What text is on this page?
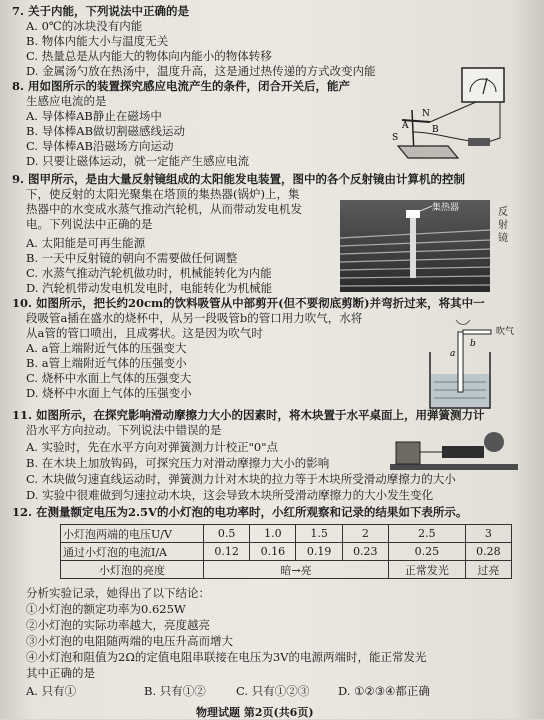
7. 关于内能，下列说法中正确的是
A. 0℃的冰块没有内能
B. 物体内能大小与温度无关
C. 热量总是从内能大的物体向内能小的物体转移
D. 金属汤勺放在热汤中，温度升高，这是通过热传递的方式改变内能
8. 用如图所示的装置探究感应电流产生的条件，闭合开关后，能产
生感应电流的是
A. 导体棒AB静止在磁场中
B. 导体棒AB做切割磁感线运动
C. 导体棒AB沿磁场方向运动
D. 只要让磁体运动，就一定能产生感应电流
N
S
A	B
9. 图甲所示，是由大量反射镜组成的太阳能发电装置，图中的各个反射镜由计算机的控制
下，使反射的太阳光聚集在塔顶的集热器(锅炉)上，集
热器中的水变成水蒸气推动汽轮机，从而带动发电机发
电。下列说法中正确的是
A. 太阳能是可再生能源
B. 一天中反射镜的朝向不需要做任何调整
C. 水蒸气推动汽轮机做功时，机械能转化为内能
D. 汽轮机带动发电机发电时，电能转化为机械能
集热器	反
射
镜
10. 如图所示，把长约20cm的饮料吸管从中部剪开(但不要彻底剪断)并弯折过来，将其中一
段吸管a插在盛水的烧杯中，从另一段吸管b的管口用力吹气，水将
从a管的管口喷出，且成雾状。这是因为吹气时
A. a管上端附近气体的压强变大
B. a管上端附近气体的压强变小
C. 烧杯中水面上气体的压强变大
D. 烧杯中水面上气体的压强变小
a
b
吹气
11. 如图所示，在探究影响滑动摩擦力大小的因素时，将木块置于水平桌面上，用弹簧测力计
沿水平方向拉动。下列说法中错误的是
A. 实验时，先在水平方向对弹簧测力计校正"0"点
B. 在木块上加放钩码，可探究压力对滑动摩擦力大小的影响
C. 木块做匀速直线运动时，弹簧测力计对木块的拉力等于木块所受滑动摩擦力的大小
D. 实验中很难做到匀速拉动木块，这会导致木块所受滑动摩擦力的大小发生变化
12. 在测量额定电压为2.5V的小灯泡的电功率时，小红所观察和记录的结果如下表所示。
小灯泡两端的电压U/V	0.5	1.0	1.5	2	2.5	3
通过小灯泡的电流I/A	0.12	0.16	0.19	0.23	0.25	0.28
小灯泡的亮度	暗→亮				正常发光	过亮
分析实验记录，她得出了以下结论：
①小灯泡的额定功率为0.625W
②小灯泡的实际功率越大，亮度越亮
③小灯泡的电阻随两端的电压升高而增大
④小灯泡和阻值为2Ω的定值电阻串联接在电压为3V的电源两端时，能正常发光
其中正确的是
A. 只有①	B. 只有①②	C. 只有①②③	D. ①②③④都正确
物理试题 第2页(共6页)
